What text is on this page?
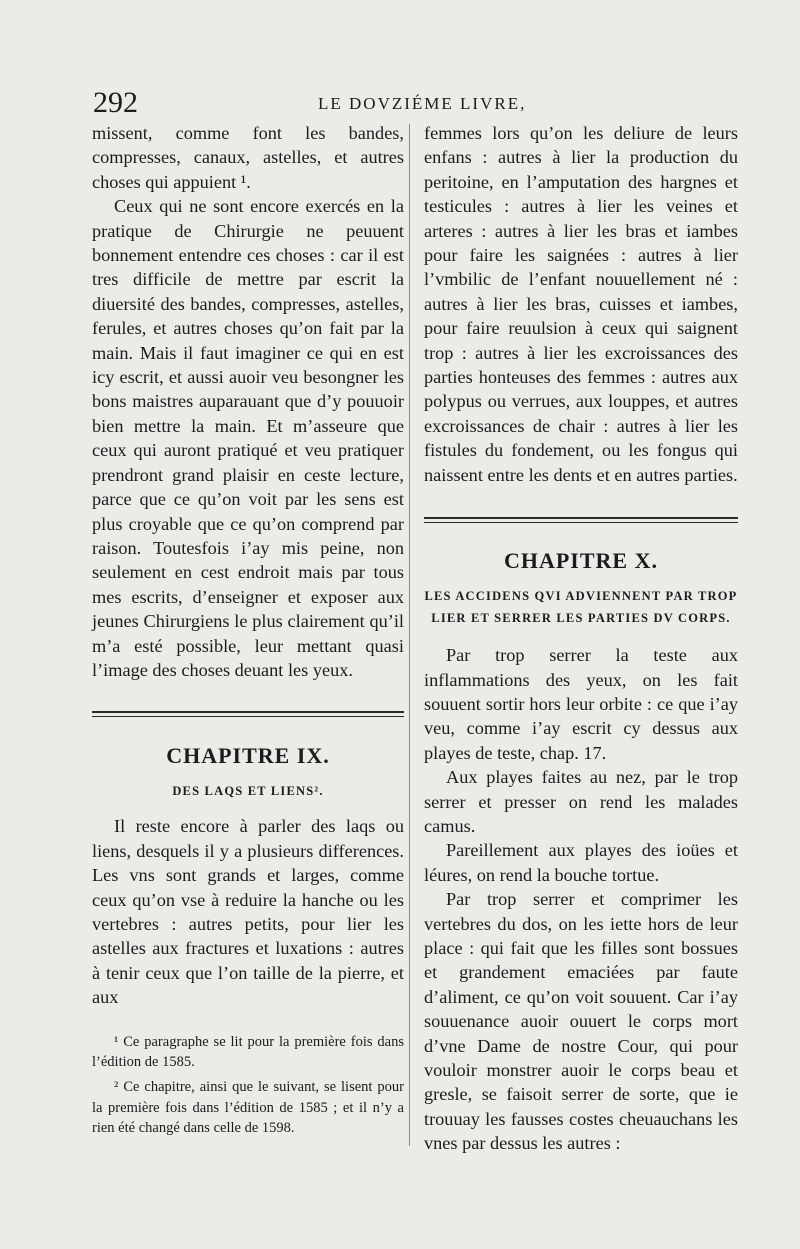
292	LE DOVZIÉME LIVRE,

missent, comme font les bandes, compresses, canaux, astelles, et autres choses qui appuient ¹.

Ceux qui ne sont encore exercés en la pratique de Chirurgie ne peuuent bonnement entendre ces choses : car il est tres difficile de mettre par escrit la diuersité des bandes, compresses, astelles, ferules, et autres choses qu’on fait par la main. Mais il faut imaginer ce qui en est icy escrit, et aussi auoir veu besongner les bons maistres auparauant que d’y pouuoir bien mettre la main. Et m’asseure que ceux qui auront pratiqué et veu pratiquer prendront grand plaisir en ceste lecture, parce que ce qu’on voit par les sens est plus croyable que ce qu’on comprend par raison. Toutesfois i’ay mis peine, non seulement en cest endroit mais par tous mes escrits, d’enseigner et exposer aux jeunes Chirurgiens le plus clairement qu’il m’a esté possible, leur mettant quasi l’image des choses deuant les yeux.

CHAPITRE IX.

DES LAQS ET LIENS².

Il reste encore à parler des laqs ou liens, desquels il y a plusieurs differences. Les vns sont grands et larges, comme ceux qu’on vse à reduire la hanche ou les vertebres : autres petits, pour lier les astelles aux fractures et luxations : autres à tenir ceux que l’on taille de la pierre, et aux

¹ Ce paragraphe se lit pour la première fois dans l’édition de 1585.

² Ce chapitre, ainsi que le suivant, se lisent pour la première fois dans l’édition de 1585 ; et il n’y a rien été changé dans celle de 1598.

femmes lors qu’on les deliure de leurs enfans : autres à lier la production du peritoine, en l’amputation des hargnes et testicules : autres à lier les veines et arteres : autres à lier les bras et iambes pour faire les saignées : autres à lier l’vmbilic de l’enfant nouuellement né : autres à lier les bras, cuisses et iambes, pour faire reuulsion à ceux qui saignent trop : autres à lier les excroissances des parties honteuses des femmes : autres aux polypus ou verrues, aux louppes, et autres excroissances de chair : autres à lier les fistules du fondement, ou les fongus qui naissent entre les dents et en autres parties.

CHAPITRE X.

LES ACCIDENS QVI ADVIENNENT PAR TROP

LIER ET SERRER LES PARTIES DV CORPS.

Par trop serrer la teste aux inflammations des yeux, on les fait souuent sortir hors leur orbite : ce que i’ay veu, comme i’ay escrit cy dessus aux playes de teste, chap. 17.

Aux playes faites au nez, par le trop serrer et presser on rend les malades camus.

Pareillement aux playes des ioües et léures, on rend la bouche tortue.

Par trop serrer et comprimer les vertebres du dos, on les iette hors de leur place : qui fait que les filles sont bossues et grandement emaciées par faute d’aliment, ce qu’on voit souuent. Car i’ay souuenance auoir ouuert le corps mort d’vne Dame de nostre Cour, qui pour vouloir monstrer auoir le corps beau et gresle, se faisoit serrer de sorte, que ie trouuay les fausses costes cheuauchans les vnes par dessus les autres :
